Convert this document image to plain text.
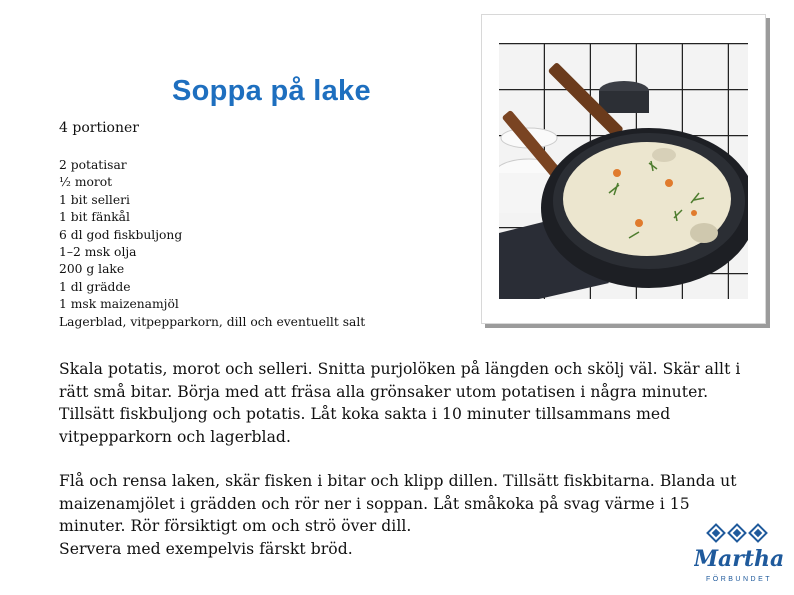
Soppa på lake
4 portioner
2 potatisar
½ morot
1 bit selleri
1 bit fänkål
6 dl god fiskbuljong
1–2 msk olja
200 g lake
1 dl grädde
1 msk maizenamjöl
Lagerblad, vitpepparkorn, dill och eventuellt salt

Skala potatis, morot och selleri. Snitta purjolöken på längden och skölj väl. Skär allt i rätt små bitar. Börja med att fräsa alla grönsaker utom potatisen i några minuter. Tillsätt fiskbuljong och potatis. Låt koka sakta i 10 minuter tillsammans med vitpepparkorn och lagerblad.

Flå och rensa laken, skär fisken i bitar och klipp dillen. Tillsätt fiskbitarna. Blanda ut maizenamjölet i grädden och rör ner i soppan. Låt småkoka på svag värme i 15 minuter. Rör försiktigt om och strö över dill.
Servera med exempelvis färskt bröd.	Martha
FÖRBUNDET
